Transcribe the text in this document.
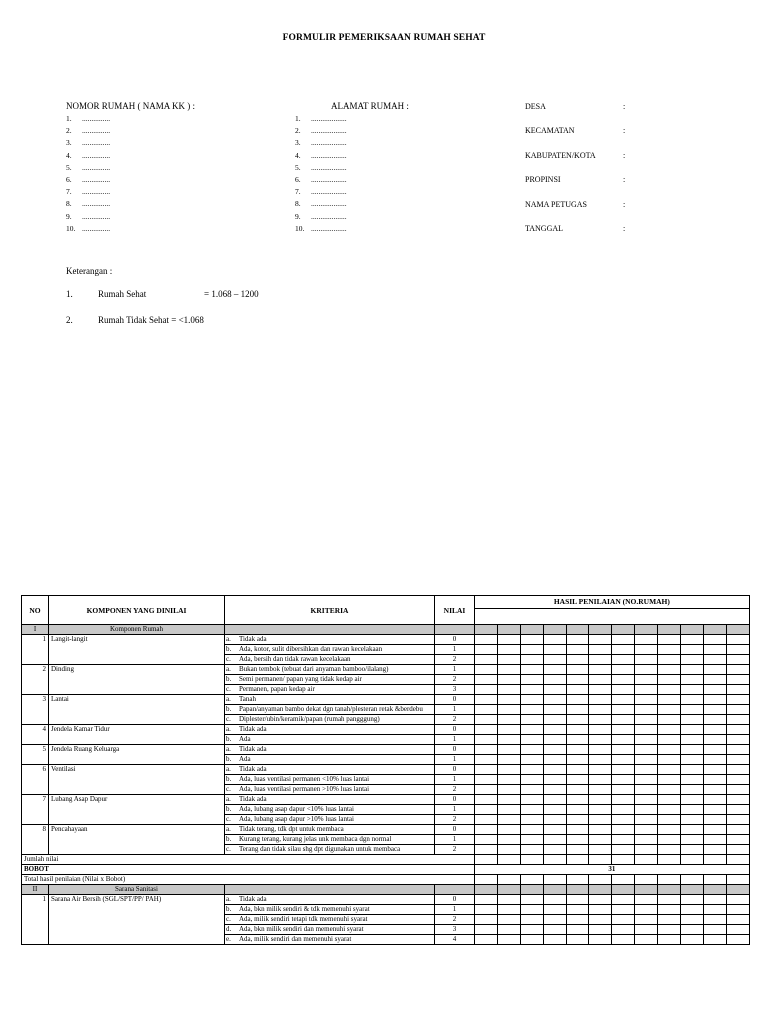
FORMULIR PEMERIKSAAN RUMAH SEHAT
NOMOR RUMAH ( NAMA KK ) :
1.	...............
2.	...............
3.	...............
4.	...............
5.	...............
6.	...............
7.	...............
8.	...............
9.	...............
10. ...............
ALAMAT RUMAH :
1.	...................
2.	...................
3.	...................
4.	...................
5.	...................
6.	...................
7.	...................
8.	...................
9.	...................
10. ...................
DESA	:
KECAMATAN	:
KABUPATEN/KOTA	:
PROPINSI	:
NAMA PETUGAS	:
TANGGAL	:
Keterangan :
1.	Rumah Sehat	= 1.068 – 1200
2.	Rumah Tidak Sehat = <1.068
NO	KOMPONEN YANG DINILAI	KRITERIA	NILAI	HASIL PENILAIAN (NO.RUMAH)											

I	Komponen Rumah														
1	Langit-langit	a. Tidak ada	0												

		b. Ada, kotor, sulit dibersihkan dan rawan kecelakaan	1												

		c. Ada, bersih dan tidak rawan kecelakaan	2												

2	Dinding	a. Bukan tembok (tebuat dari anyaman bamboo/ilalang)	1												

		b. Semi permanen/ papan yang tidak kedap air	2												

		c. Permanen, papan kedap air	3												

3	Lantai	a. Tanah	0												

		b. Papan/anyaman bambo dekat dgn tanah/plesteran retak &berdebu	1												

		c. Diplester/ubin/keramik/papan (rumah pangggung)	2												

4	Jendela Kamar Tidur	a. Tidak ada	0												

		b. Ada	1												

5	Jendela Ruang Keluarga	a. Tidak ada	0												

		b. Ada	1												

6	Ventilasi	a. Tidak ada	0												

		b. Ada, luas ventilasi permanen <10% luas lantai	1												

		c. Ada, luas ventilasi permanen >10% luas lantai	2												

7	Lubang Asap Dapur	a. Tidak ada	0												

		b. Ada, lubang asap dapur <10% luas lantai	1												

		c. Ada, lubang asap dapur >10% luas lantai	2												

8	Pencahayaan	a. Tidak terang, tdk dpt untuk membaca	0												

		b. Kurang terang, kurang jelas unk membaca dgn normal	1												

		c. Terang dan tidak silau shg dpt digunakan untuk membaca	2												

Jumlah nilai															
BOBOT				31											
Total hasil penilaian (Nilai x Bobot)															
II	Sarana Sanitasi														
1	Sarana Air Bersih (SGL/SPT/PP/ PAH)	a. Tidak ada	0												

		b. Ada, bkn milik sendiri & tdk memenuhi syarat	1												

		c. Ada, milik sendiri tetapi tdk memenuhi syarat	2												

		d. Ada, bkn milik sendiri dan memenuhi syarat	3												

		e. Ada, milik sendiri dan memenuhi syarat	4												
